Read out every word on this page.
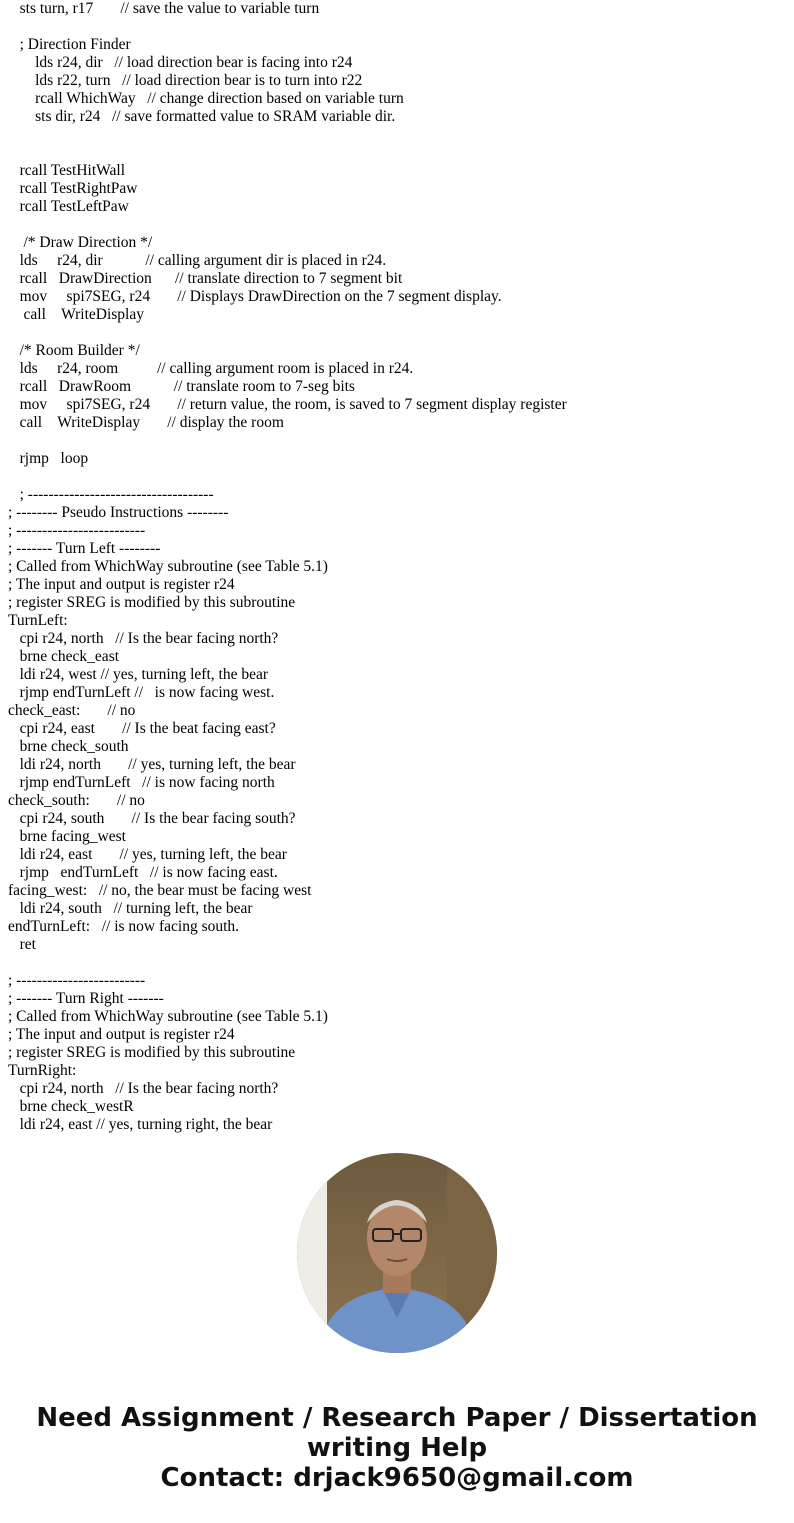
sts turn, r17       // save the value to variable turn
; Direction Finder
lds r24, dir   // load direction bear is facing into r24
lds r22, turn   // load direction bear is to turn into r22
rcall WhichWay   // change direction based on variable turn
sts dir, r24   // save formatted value to SRAM variable dir.
rcall TestHitWall
rcall TestRightPaw
rcall TestLeftPaw
/* Draw Direction */
lds     r24, dir           // calling argument dir is placed in r24.
rcall   DrawDirection      // translate direction to 7 segment bit
mov     spi7SEG, r24       // Displays DrawDirection on the 7 segment display.
call    WriteDisplay
/* Room Builder */
lds     r24, room          // calling argument room is placed in r24.
rcall   DrawRoom           // translate room to 7-seg bits
mov     spi7SEG, r24       // return value, the room, is saved to 7 segment display register
call    WriteDisplay       // display the room
rjmp   loop
; ------------------------------------
; -------- Pseudo Instructions --------
; -------------------------
; ------- Turn Left --------
; Called from WhichWay subroutine (see Table 5.1)
; The input and output is register r24
; register SREG is modified by this subroutine
TurnLeft:
cpi r24, north   // Is the bear facing north?
brne check_east
ldi r24, west // yes, turning left, the bear
rjmp endTurnLeft //   is now facing west.
check_east:       // no
cpi r24, east       // Is the beat facing east?
brne check_south
ldi r24, north       // yes, turning left, the bear
rjmp endTurnLeft   // is now facing north
check_south:       // no
cpi r24, south       // Is the bear facing south?
brne facing_west
ldi r24, east       // yes, turning left, the bear
rjmp   endTurnLeft   // is now facing east.
facing_west:   // no, the bear must be facing west
ldi r24, south   // turning left, the bear
endTurnLeft:   // is now facing south.
ret
; -------------------------
; ------- Turn Right -------
; Called from WhichWay subroutine (see Table 5.1)
; The input and output is register r24
; register SREG is modified by this subroutine
TurnRight:
cpi r24, north   // Is the bear facing north?
brne check_westR
ldi r24, east // yes, turning right, the bear
Need Assignment / Research Paper / Dissertation
writing Help
Contact: drjack9650@gmail.com
